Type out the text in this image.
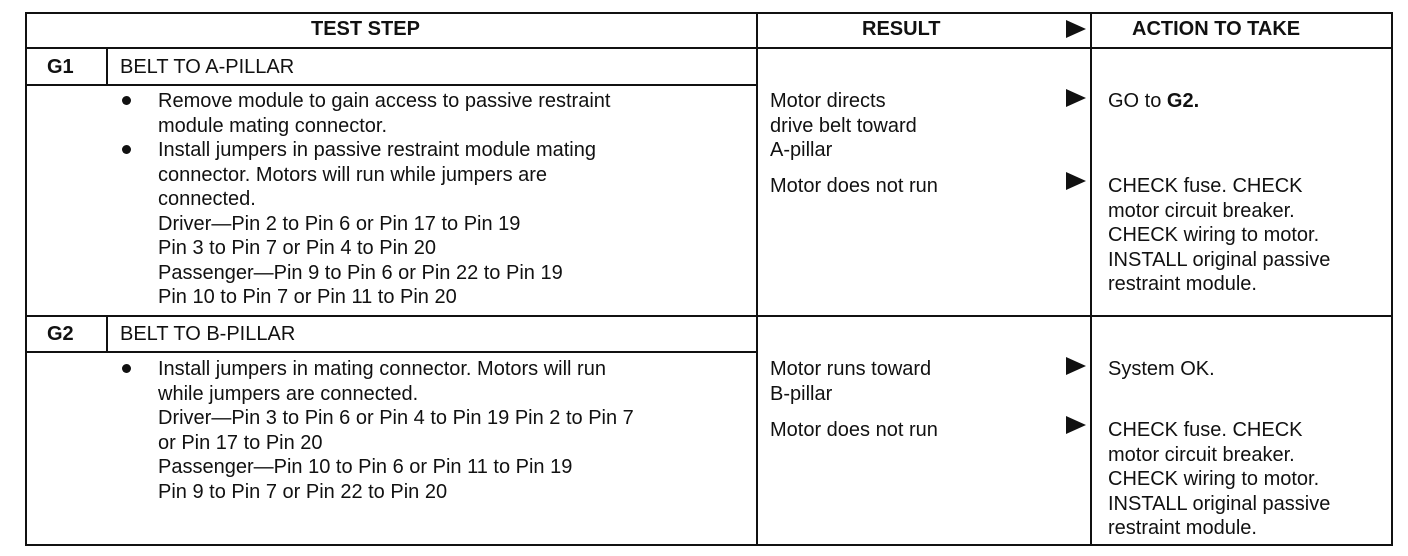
TEST STEP	RESULT	ACTION TO TAKE
G1 BELT TO A-PILLAR
Remove module to gain access to passive restraint
module mating connector.
Install jumpers in passive restraint module mating
connector. Motors will run while jumpers are
connected.
Driver—Pin 2 to Pin 6 or Pin 17 to Pin 19
Pin 3 to Pin 7 or Pin 4 to Pin 20
Passenger—Pin 9 to Pin 6 or Pin 22 to Pin 19
Pin 10 to Pin 7 or Pin 11 to Pin 20
Motor directs
drive belt toward
A-pillar
Motor does not run
GO to G2.
CHECK fuse. CHECK
motor circuit breaker.
CHECK wiring to motor.
INSTALL original passive
restraint module.
G2 BELT TO B-PILLAR
Install jumpers in mating connector. Motors will run
while jumpers are connected.
Driver—Pin 3 to Pin 6 or Pin 4 to Pin 19 Pin 2 to Pin 7
or Pin 17 to Pin 20
Passenger—Pin 10 to Pin 6 or Pin 11 to Pin 19
Pin 9 to Pin 7 or Pin 22 to Pin 20
Motor runs toward
B-pillar
Motor does not run
System OK.
CHECK fuse. CHECK
motor circuit breaker.
CHECK wiring to motor.
INSTALL original passive
restraint module.
